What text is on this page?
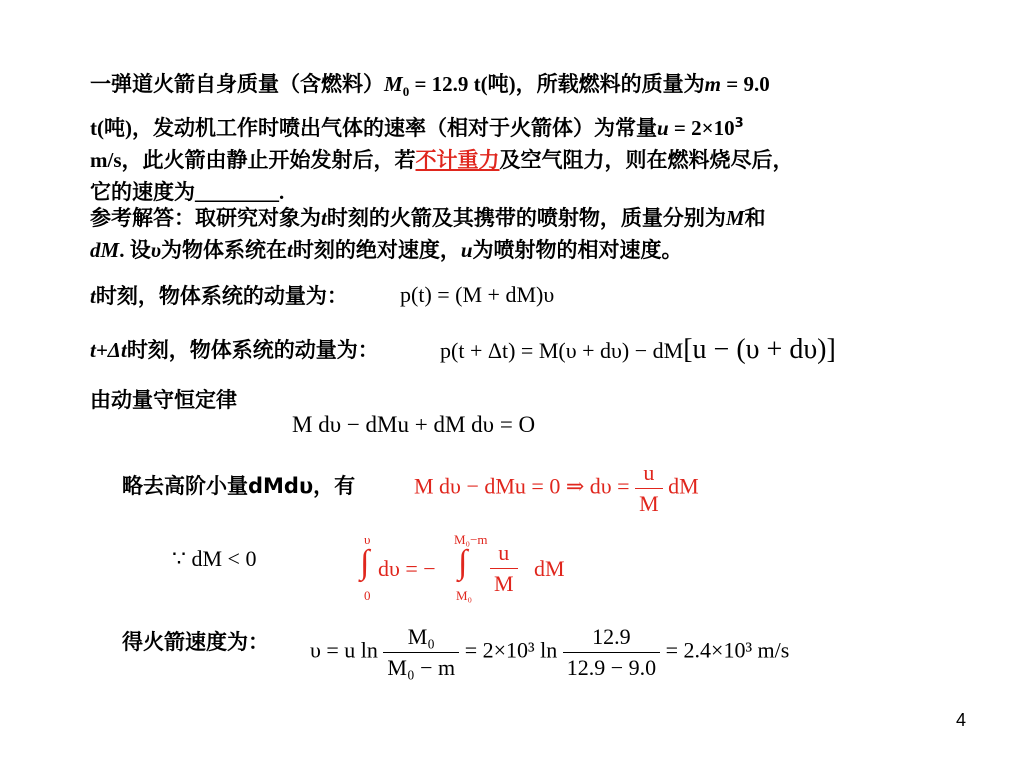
一弹道火箭自身质量（含燃料）$M_0 = 12.9$ t(吨)，所载燃料的质量为m = 9.0
t(吨)，发动机工作时喷出气体的速率（相对于火箭体）为常量$u = 2\times 10^3$
m/s，此火箭由静止开始发射后，若不计重力及空气阻力，则在燃料烧尽后，
它的速度为________.
参考解答：取研究对象为t时刻的火箭及其携带的喷射物，质量分别为M和
dM. 设υ为物体系统在t时刻的绝对速度，u为喷射物的相对速度。
t时刻，物体系统的动量为： p(t) = (M + dM)υ
t+Δt时刻，物体系统的动量为：	p(t + Δt) = M(υ + dυ) − dM[u − (υ + dυ)]
由动量守恒定律
M dυ − dMu + dM dυ = O
略去高阶小量dMdυ，有	M dυ − dMu = 0 ⇒ $d\upsilon = \frac{u}{M}$ dM
∵ dM < 0
υ
∫
0
dυ = −
M₀−m
∫
$M_0 \frac{u}{M}$ dM
得火箭速度为： υ = u $\ln \frac{\text{M₀}}{\text{M₀ − m}} = 2\times 10^3$ $\ln \frac{12.9}{12.9 - 9.0} = 2.4\times 10^3$ m/s
4
